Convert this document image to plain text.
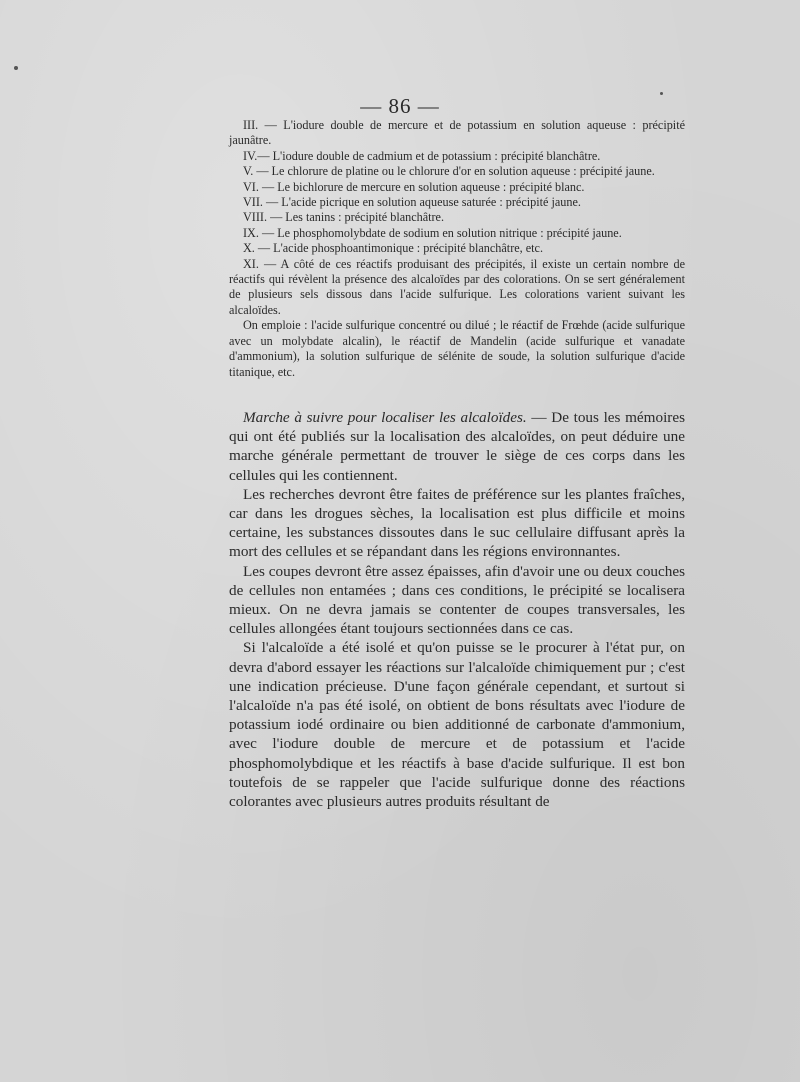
— 86 —

III. — L'iodure double de mercure et de potassium en solution aqueuse : précipité jaunâtre.

IV.— L'iodure double de cadmium et de potassium : précipité blanchâtre.

V. — Le chlorure de platine ou le chlorure d'or en solution aqueuse : précipité jaune.

VI. — Le bichlorure de mercure en solution aqueuse : précipité blanc.

VII. — L'acide picrique en solution aqueuse saturée : précipité jaune.

VIII. — Les tanins : précipité blanchâtre.

IX. — Le phosphomolybdate de sodium en solution nitrique : précipité jaune.

X. — L'acide phosphoantimonique : précipité blanchâtre, etc.

XI. — A côté de ces réactifs produisant des précipités, il existe un certain nombre de réactifs qui révèlent la présence des alcaloïdes par des colorations. On se sert généralement de plusieurs sels dissous dans l'acide sulfurique. Les colorations varient suivant les alcaloïdes.

On emploie : l'acide sulfurique concentré ou dilué ; le réactif de Frœhde (acide sulfurique avec un molybdate alcalin), le réactif de Mandelin (acide sulfurique et vanadate d'ammonium), la solution sulfurique de sélénite de soude, la solution sulfurique d'acide titanique, etc.

Marche à suivre pour localiser les alcaloïdes. — De tous les mémoires qui ont été publiés sur la localisation des alcaloïdes, on peut déduire une marche générale permettant de trouver le siège de ces corps dans les cellules qui les contiennent.

Les recherches devront être faites de préférence sur les plantes fraîches, car dans les drogues sèches, la localisation est plus difficile et moins certaine, les substances dissoutes dans le suc cellulaire diffusant après la mort des cellules et se répandant dans les régions environnantes.

Les coupes devront être assez épaisses, afin d'avoir une ou deux couches de cellules non entamées ; dans ces conditions, le précipité se localisera mieux. On ne devra jamais se contenter de coupes transversales, les cellules allongées étant toujours sectionnées dans ce cas.

Si l'alcaloïde a été isolé et qu'on puisse se le procurer à l'état pur, on devra d'abord essayer les réactions sur l'alcaloïde chimiquement pur ; c'est une indication précieuse. D'une façon générale cependant, et surtout si l'alcaloïde n'a pas été isolé, on obtient de bons résultats avec l'iodure de potassium iodé ordinaire ou bien additionné de carbonate d'ammonium, avec l'iodure double de mercure et de potassium et l'acide phosphomolybdique et les réactifs à base d'acide sulfurique. Il est bon toutefois de se rappeler que l'acide sulfurique donne des réactions colorantes avec plusieurs autres produits résultant de
